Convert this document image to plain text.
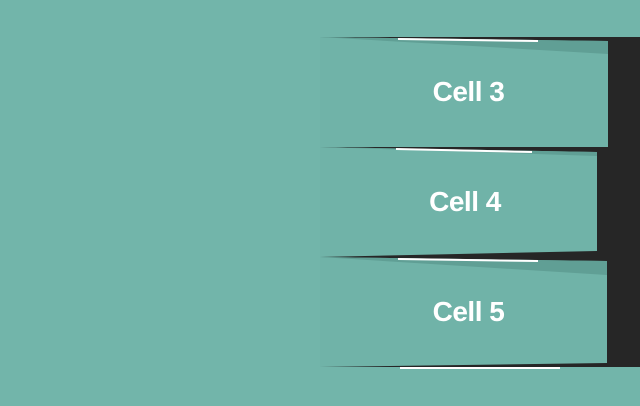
Cell 3
Cell 4
Cell 5
